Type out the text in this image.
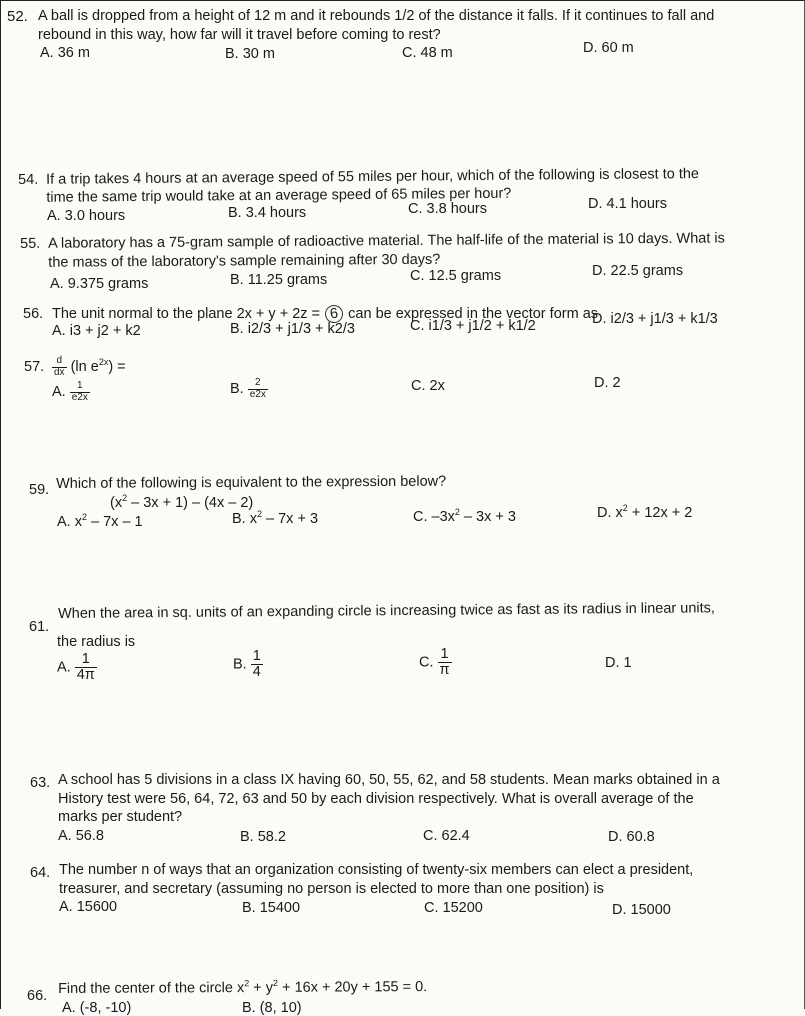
52. A ball is dropped from a height of 12 m and it rebounds 1/2 of the distance it falls. If it continues to fall and
rebound in this way, how far will it travel before coming to rest?
A. 36 m	B. 30 m	C. 48 m	D. 60 m
54. If a trip takes 4 hours at an average speed of 55 miles per hour, which of the following is closest to the
time the same trip would take at an average speed of 65 miles per hour?
A. 3.0 hours	B. 3.4 hours	C. 3.8 hours	D. 4.1 hours
55. A laboratory has a 75-gram sample of radioactive material. The half-life of the material is 10 days. What is
the mass of the laboratory's sample remaining after 30 days?
A. 9.375 grams	B. 11.25 grams	C. 12.5 grams	D. 22.5 grams
56. The unit normal to the plane 2x + y + 2z = 6 can be expressed in the vector form as
A. i3 + j2 + k2	B. i2/3 + j1/3 + k2/3	C. i1/3 + j1/2 + k1/2	D. i2/3 + j1/3 + k1/3
57. $\frac{d}{dx} (\ln$ $e^{2x}$) =
A. $\frac{1}{e2x}$	B. $\frac{2}{e2x}$	C. 2x	D. 2
59. Which of the following is equivalent to the expression below?
$(x^2 - 3x + 1) - (4x - 2)$
A. $x^2 - 7x - 1$	B. $x^2 - 7x + 3$	C. $-3x^2 - 3x + 3$	D. $x^2 + 12x + 2$
61.
When the area in sq. units of an expanding circle is increasing twice as fast as its radius in linear units,
the radius is
A. $\frac{1}{4\pi}$	B. $\frac{1}{4}$	C. $\frac{1}{\pi}$	D. 1
63. A school has 5 divisions in a class IX having 60, 50, 55, 62, and 58 students. Mean marks obtained in a
History test were 56, 64, 72, 63 and 50 by each division respectively. What is overall average of the
marks per student?
A. 56.8	B. 58.2	C. 62.4	D. 60.8
64. The number n of ways that an organization consisting of twenty-six members can elect a president,
treasurer, and secretary (assuming no person is elected to more than one position) is
A. 15600	B. 15400	C. 15200	D. 15000
66. Find the center of the circle $x^2 + y^2 + 16x + 20y + 155 = 0$.
A. (-8, -10)	B. (8, 10)
